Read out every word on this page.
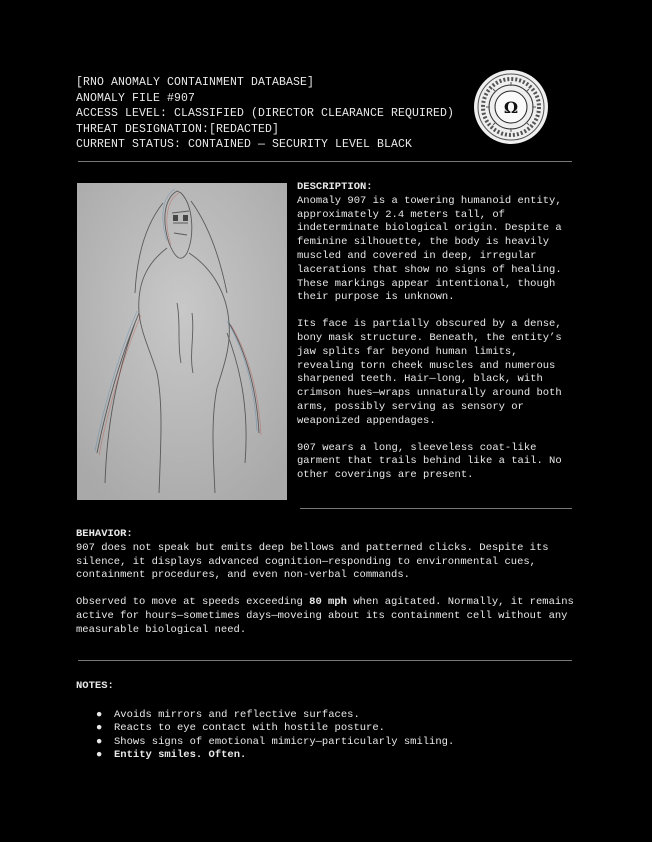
[RNO ANOMALY CONTAINMENT DATABASE]
ANOMALY FILE #907
ACCESS LEVEL: CLASSIFIED (DIRECTOR CLEARANCE REQUIRED)
THREAT DESIGNATION:[REDACTED]
CURRENT STATUS: CONTAINED — SECURITY LEVEL BLACK
Ω
DESCRIPTION:

Anomaly 907 is a towering humanoid entity, approximately 2.4 meters tall, of indeterminate biological origin. Despite a feminine silhouette, the body is heavily muscled and covered in deep, irregular lacerations that show no signs of healing. These markings appear intentional, though their purpose is unknown.

Its face is partially obscured by a dense, bony mask structure. Beneath, the entity’s jaw splits far beyond human limits, revealing torn cheek muscles and numerous sharpened teeth. Hair—long, black, with crimson hues—wraps unnaturally around both arms, possibly serving as sensory or weaponized appendages.

907 wears a long, sleeveless coat-like garment that trails behind like a tail. No other coverings are present.

BEHAVIOR:

907 does not speak but emits deep bellows and patterned clicks. Despite its silence, it displays advanced cognition—responding to environmental cues, containment procedures, and even non-verbal commands.

Observed to move at speeds exceeding 80 mph when agitated. Normally, it remains active for hours—sometimes days—moveing about its containment cell without any measurable biological need.

NOTES:
● Avoids mirrors and reflective surfaces.
● Reacts to eye contact with hostile posture.
● Shows signs of emotional mimicry—particularly smiling.
● Entity smiles. Often.
